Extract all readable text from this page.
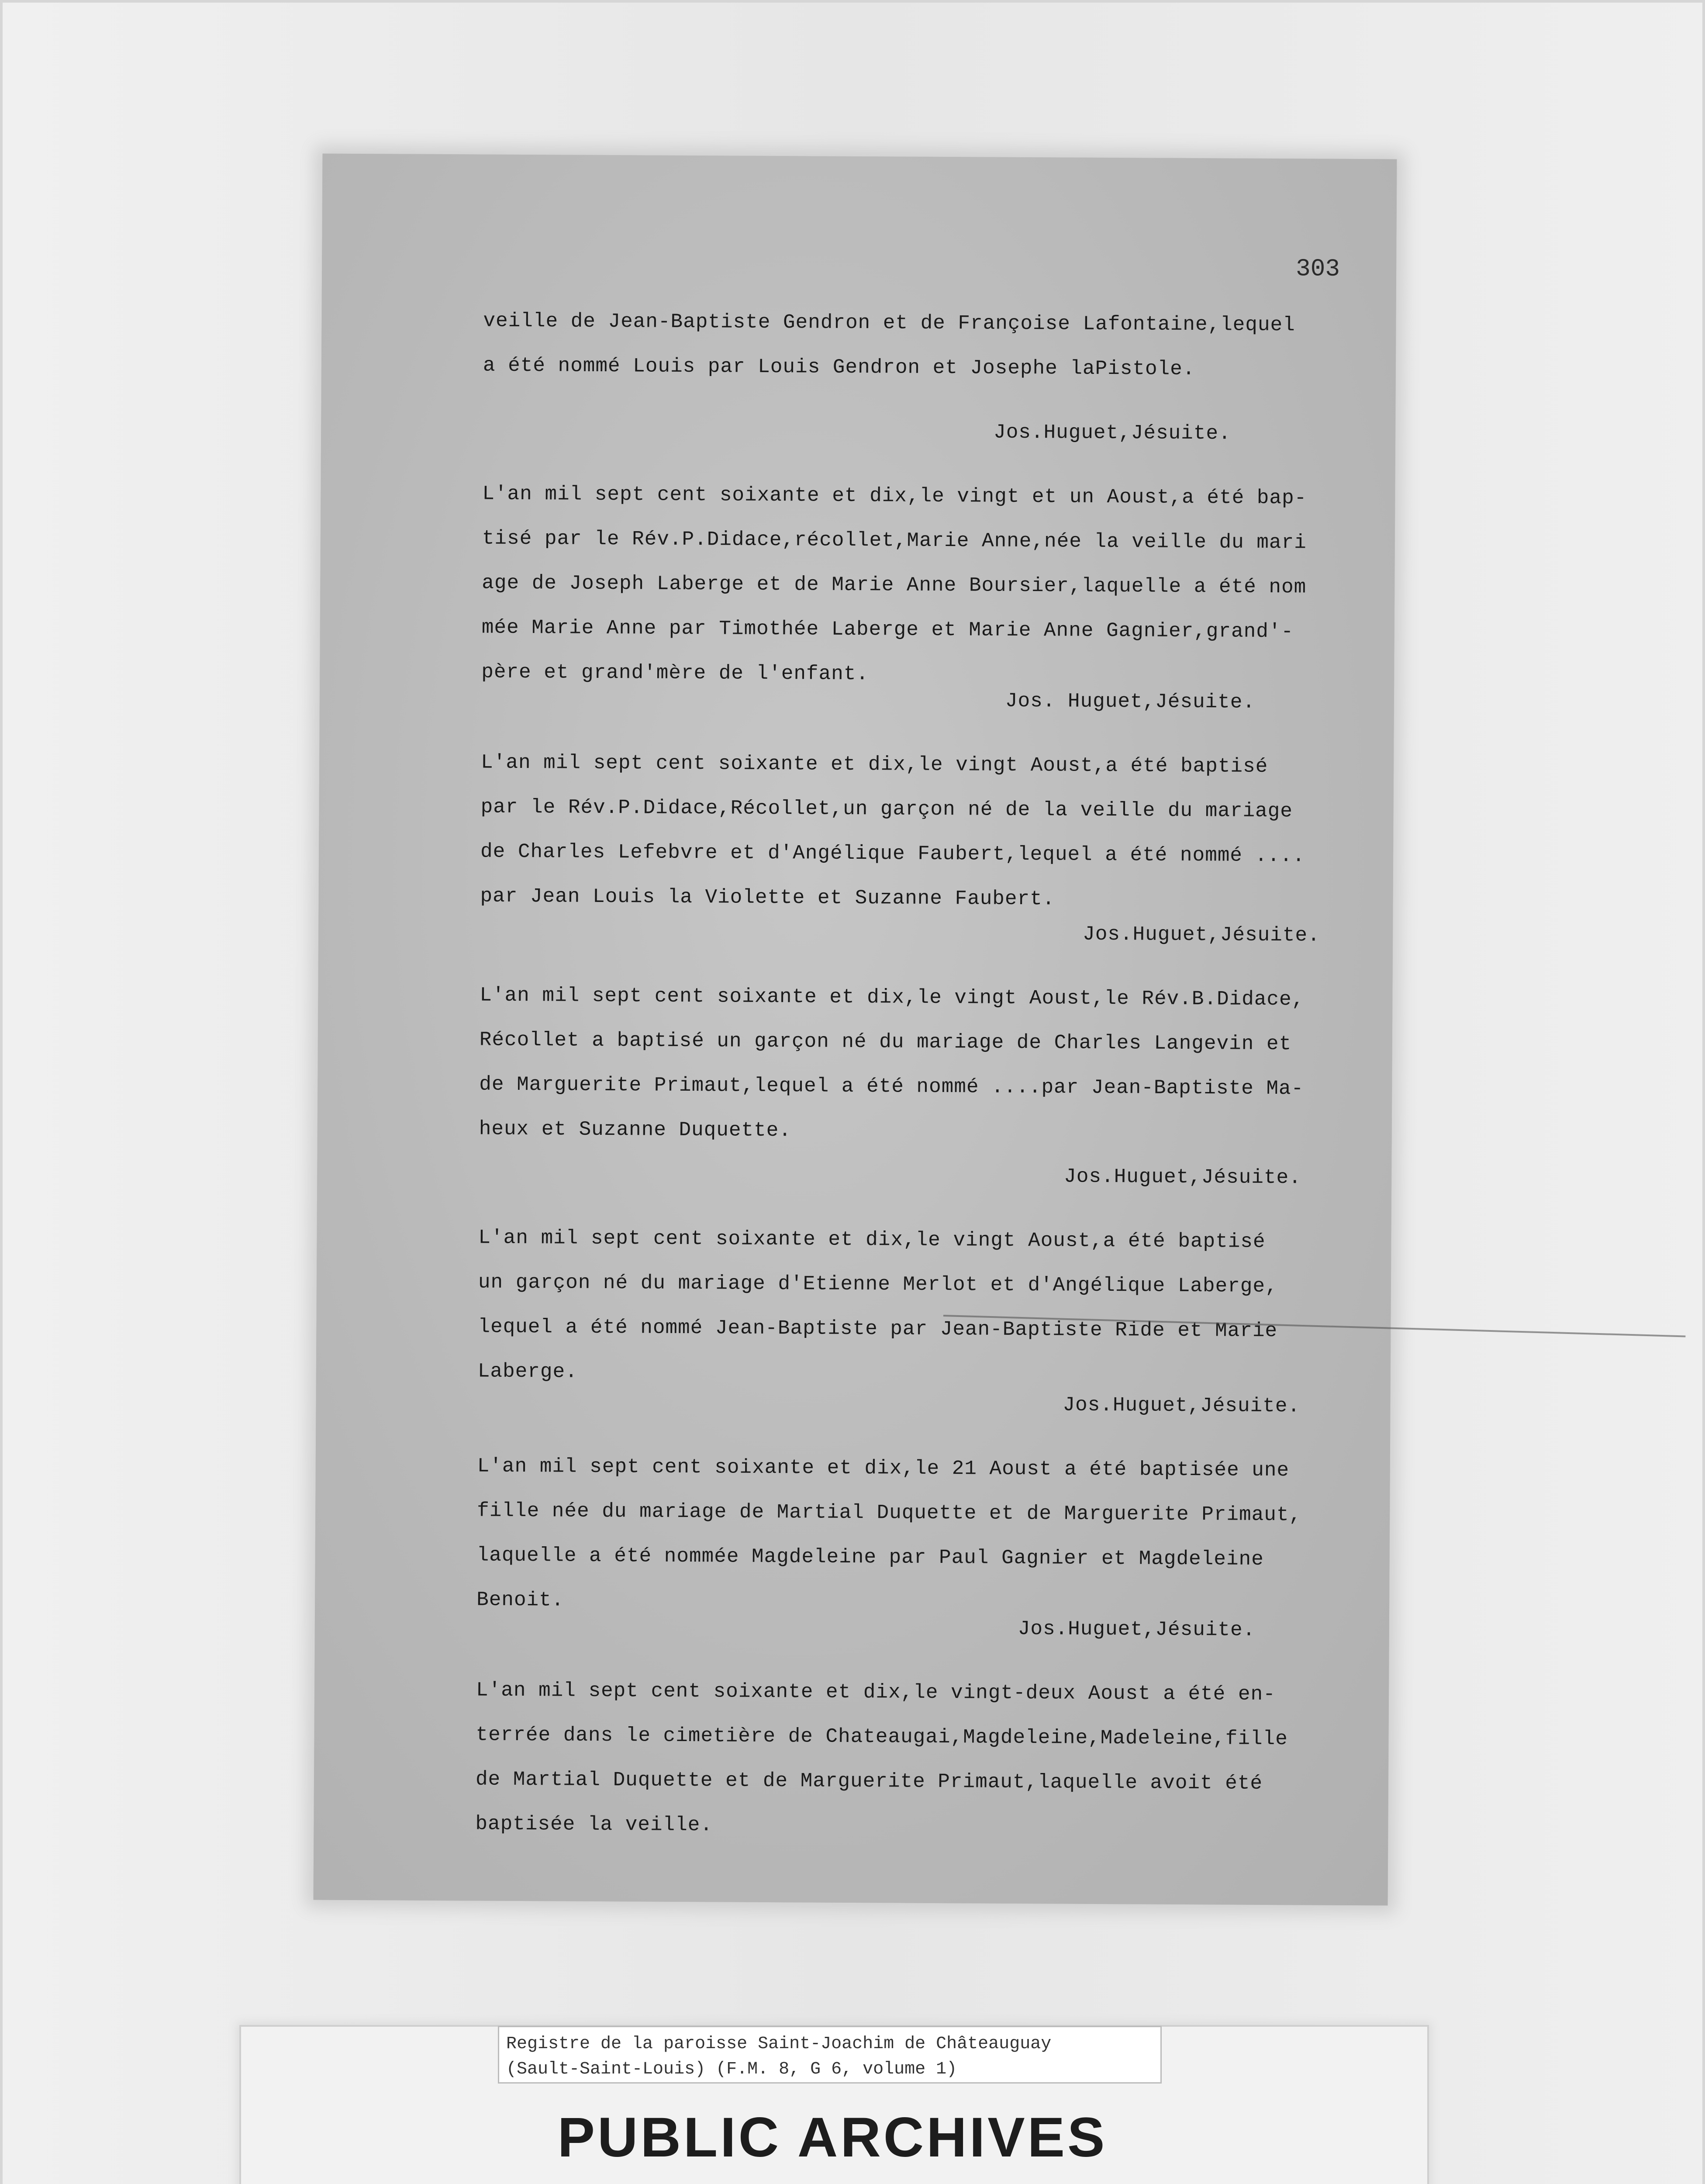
303
veille de Jean-Baptiste Gendron et de Françoise Lafontaine,lequel
a été nommé Louis par Louis Gendron et Josephe laPistole.
Jos.Huguet,Jésuite.
L'an mil sept cent soixante et dix,le vingt et un Aoust,a été bap-
tisé par le Rév.P.Didace,récollet,Marie Anne,née la veille du mari
age de Joseph Laberge et de Marie Anne Boursier,laquelle a été nom
mée Marie Anne par Timothée Laberge et Marie Anne Gagnier,grand'-
père et grand'mère de l'enfant.
Jos. Huguet,Jésuite.
L'an mil sept cent soixante et dix,le vingt Aoust,a été baptisé
par le Rév.P.Didace,Récollet,un garçon né de la veille du mariage
de Charles Lefebvre et d'Angélique Faubert,lequel a été nommé ....
par Jean Louis la Violette et Suzanne Faubert.
Jos.Huguet,Jésuite.
L'an mil sept cent soixante et dix,le vingt Aoust,le Rév.B.Didace,
Récollet a baptisé un garçon né du mariage de Charles Langevin et
de Marguerite Primaut,lequel a été nommé ....par Jean-Baptiste Ma-
heux et Suzanne Duquette.
Jos.Huguet,Jésuite.
L'an mil sept cent soixante et dix,le vingt Aoust,a été baptisé
un garçon né du mariage d'Etienne Merlot et d'Angélique Laberge,
lequel a été nommé Jean-Baptiste par Jean-Baptiste Ride et Marie
Laberge.
Jos.Huguet,Jésuite.
L'an mil sept cent soixante et dix,le 21 Aoust a été baptisée une
fille née du mariage de Martial Duquette et de Marguerite Primaut,
laquelle a été nommée Magdeleine par Paul Gagnier et Magdeleine
Benoit.
Jos.Huguet,Jésuite.
L'an mil sept cent soixante et dix,le vingt-deux Aoust a été en-
terrée dans le cimetière de Chateaugai,Magdeleine,Madeleine,fille
de Martial Duquette et de Marguerite Primaut,laquelle avoit été
baptisée la veille.
Registre de la paroisse Saint-Joachim de Châteauguay
(Sault-Saint-Louis) (F.M. 8, G 6, volume 1)
PUBLIC ARCHIVES
